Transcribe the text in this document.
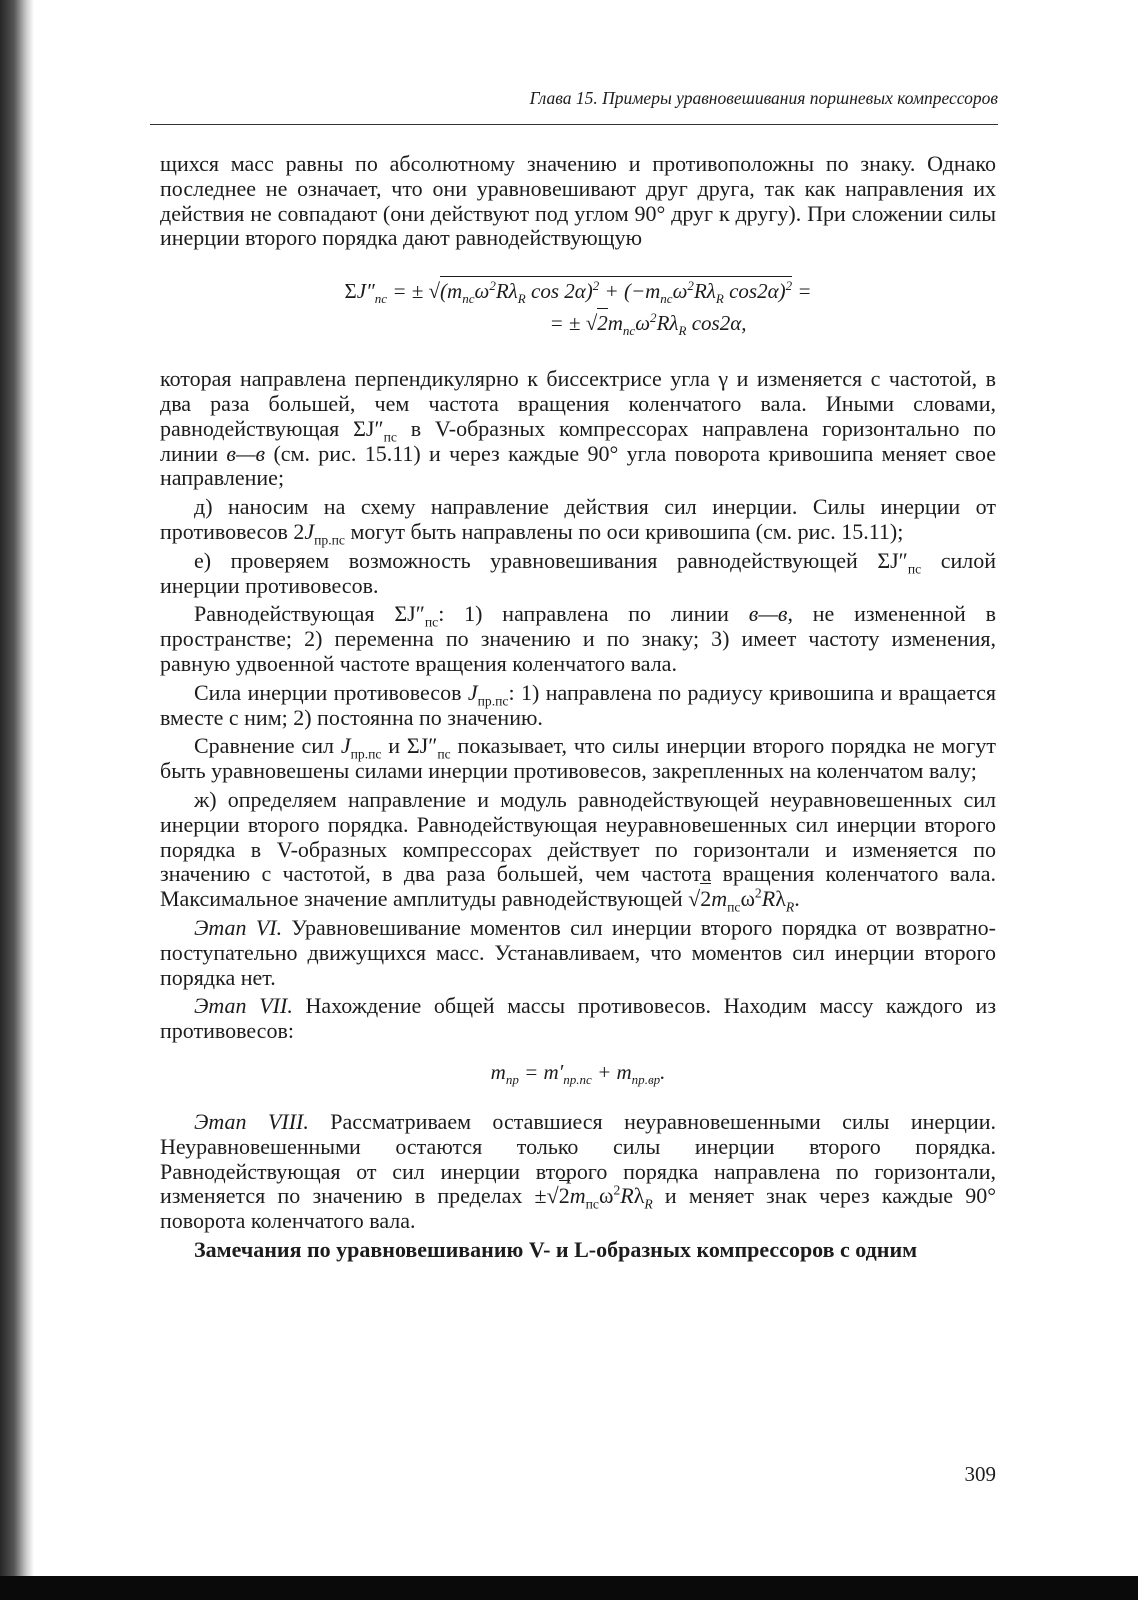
Глава 15. Примеры уравновешивания поршневых компрессоров

щихся масс равны по абсолютному значению и противоположны по знаку. Однако последнее не означает, что они уравновешивают друг друга, так как направления их действия не совпадают (они действуют под углом 90° друг к другу). При сложении силы инерции второго порядка дают равнодействующую

$\Sigma J''_{пс}$ = ± $√(m_{пс}\omega^2R\lambda_R$ $\cos 2\alpha)^2 + (-m_{пс}\omega^2R\lambda_R$ cos2α)$^2$ =
= ± $√2m_{пс}\omega^2R\lambda_R$ cos2α,

которая направлена перпендикулярно к биссектрисе угла γ и изменяется с частотой, в два раза большей, чем частота вращения коленчатого вала. Иными словами, равнодействующая $\Sigma J''_{пс}$ в V-образных компрессорах направлена горизонтально по линии в—в (см. рис. 15.11) и через каждые 90° угла поворота кривошипа меняет свое направление;

д) наносим на схему направление действия сил инерции. Силы инерции от противовесов $2J_{пр.пс}$ могут быть направлены по оси кривошипа (см. рис. 15.11);

е) проверяем возможность уравновешивания равнодействующей $\Sigma J''_{пс}$ силой инерции противовесов.

Равнодействующая $\Sigma J''_{пс}$: 1) направлена по линии в—в, не измененной в пространстве; 2) переменна по значению и по знаку; 3) имеет частоту изменения, равную удвоенной частоте вращения коленчатого вала.

Сила инерции противовесов $J_{пр.пс}$: 1) направлена по радиусу кривошипа и вращается вместе с ним; 2) постоянна по значению.

Сравнение сил $J_{пр.пс}$ и $\Sigma J''_{пс}$ показывает, что силы инерции второго порядка не могут быть уравновешены силами инерции противовесов, закрепленных на коленчатом валу;

ж) определяем направление и модуль равнодействующей неуравновешенных сил инерции второго порядка. Равнодействующая неуравновешенных сил инерции второго порядка в V-образных компрессорах действует по горизонтали и изменяется по значению с частотой, в два раза большей, чем частота вращения коленчатого вала. Максимальное значение амплитуды равнодействующей $√2m_{пс}\omega^2R\lambda_R$.

Этап VI. Уравновешивание моментов сил инерции второго порядка от возвратно-поступательно движущихся масс. Устанавливаем, что моментов сил инерции второго порядка нет.

Этап VII. Нахождение общей массы противовесов. Находим массу каждого из противовесов:

$m_{пр} = m'_{пр.пс} + m_{пр.вр}$.

Этап VIII. Рассматриваем оставшиеся неуравновешенными силы инерции. Неуравновешенными остаются только силы инерции второго порядка. Равнодействующая от сил инерции второго порядка направлена по горизонтали, изменяется по значению в пределах $\pm√2m_{пс}\omega^2R\lambda_R$ и меняет знак через каждые 90° поворота коленчатого вала.

Замечания по уравновешиванию V- и L-образных компрессоров с одним

309
